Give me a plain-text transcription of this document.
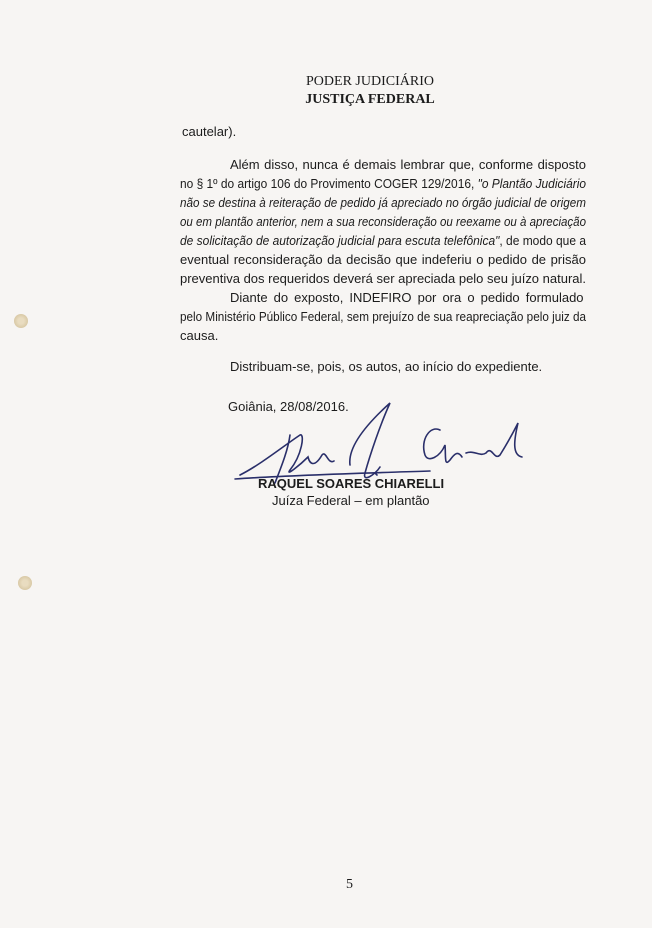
PODER JUDICIÁRIO
JUSTIÇA FEDERAL
cautelar).
Além disso, nunca é demais lembrar que, conforme disposto
no § 1º do artigo 106 do Provimento COGER 129/2016, "o Plantão Judiciário
não se destina à reiteração de pedido já apreciado no órgão judicial de origem
ou em plantão anterior, nem a sua reconsideração ou reexame ou à apreciação
de solicitação de autorização judicial para escuta telefônica", de modo que a
eventual reconsideração da decisão que indeferiu o pedido de prisão
preventiva dos requeridos deverá ser apreciada pelo seu juízo natural.
Diante do exposto, INDEFIRO por ora o pedido formulado
pelo Ministério Público Federal, sem prejuízo de sua reapreciação pelo juiz da
causa.
Distribuam-se, pois, os autos, ao início do expediente.
Goiânia, 28/08/2016.
RAQUEL SOARES CHIARELLI
Juíza Federal – em plantão
5
